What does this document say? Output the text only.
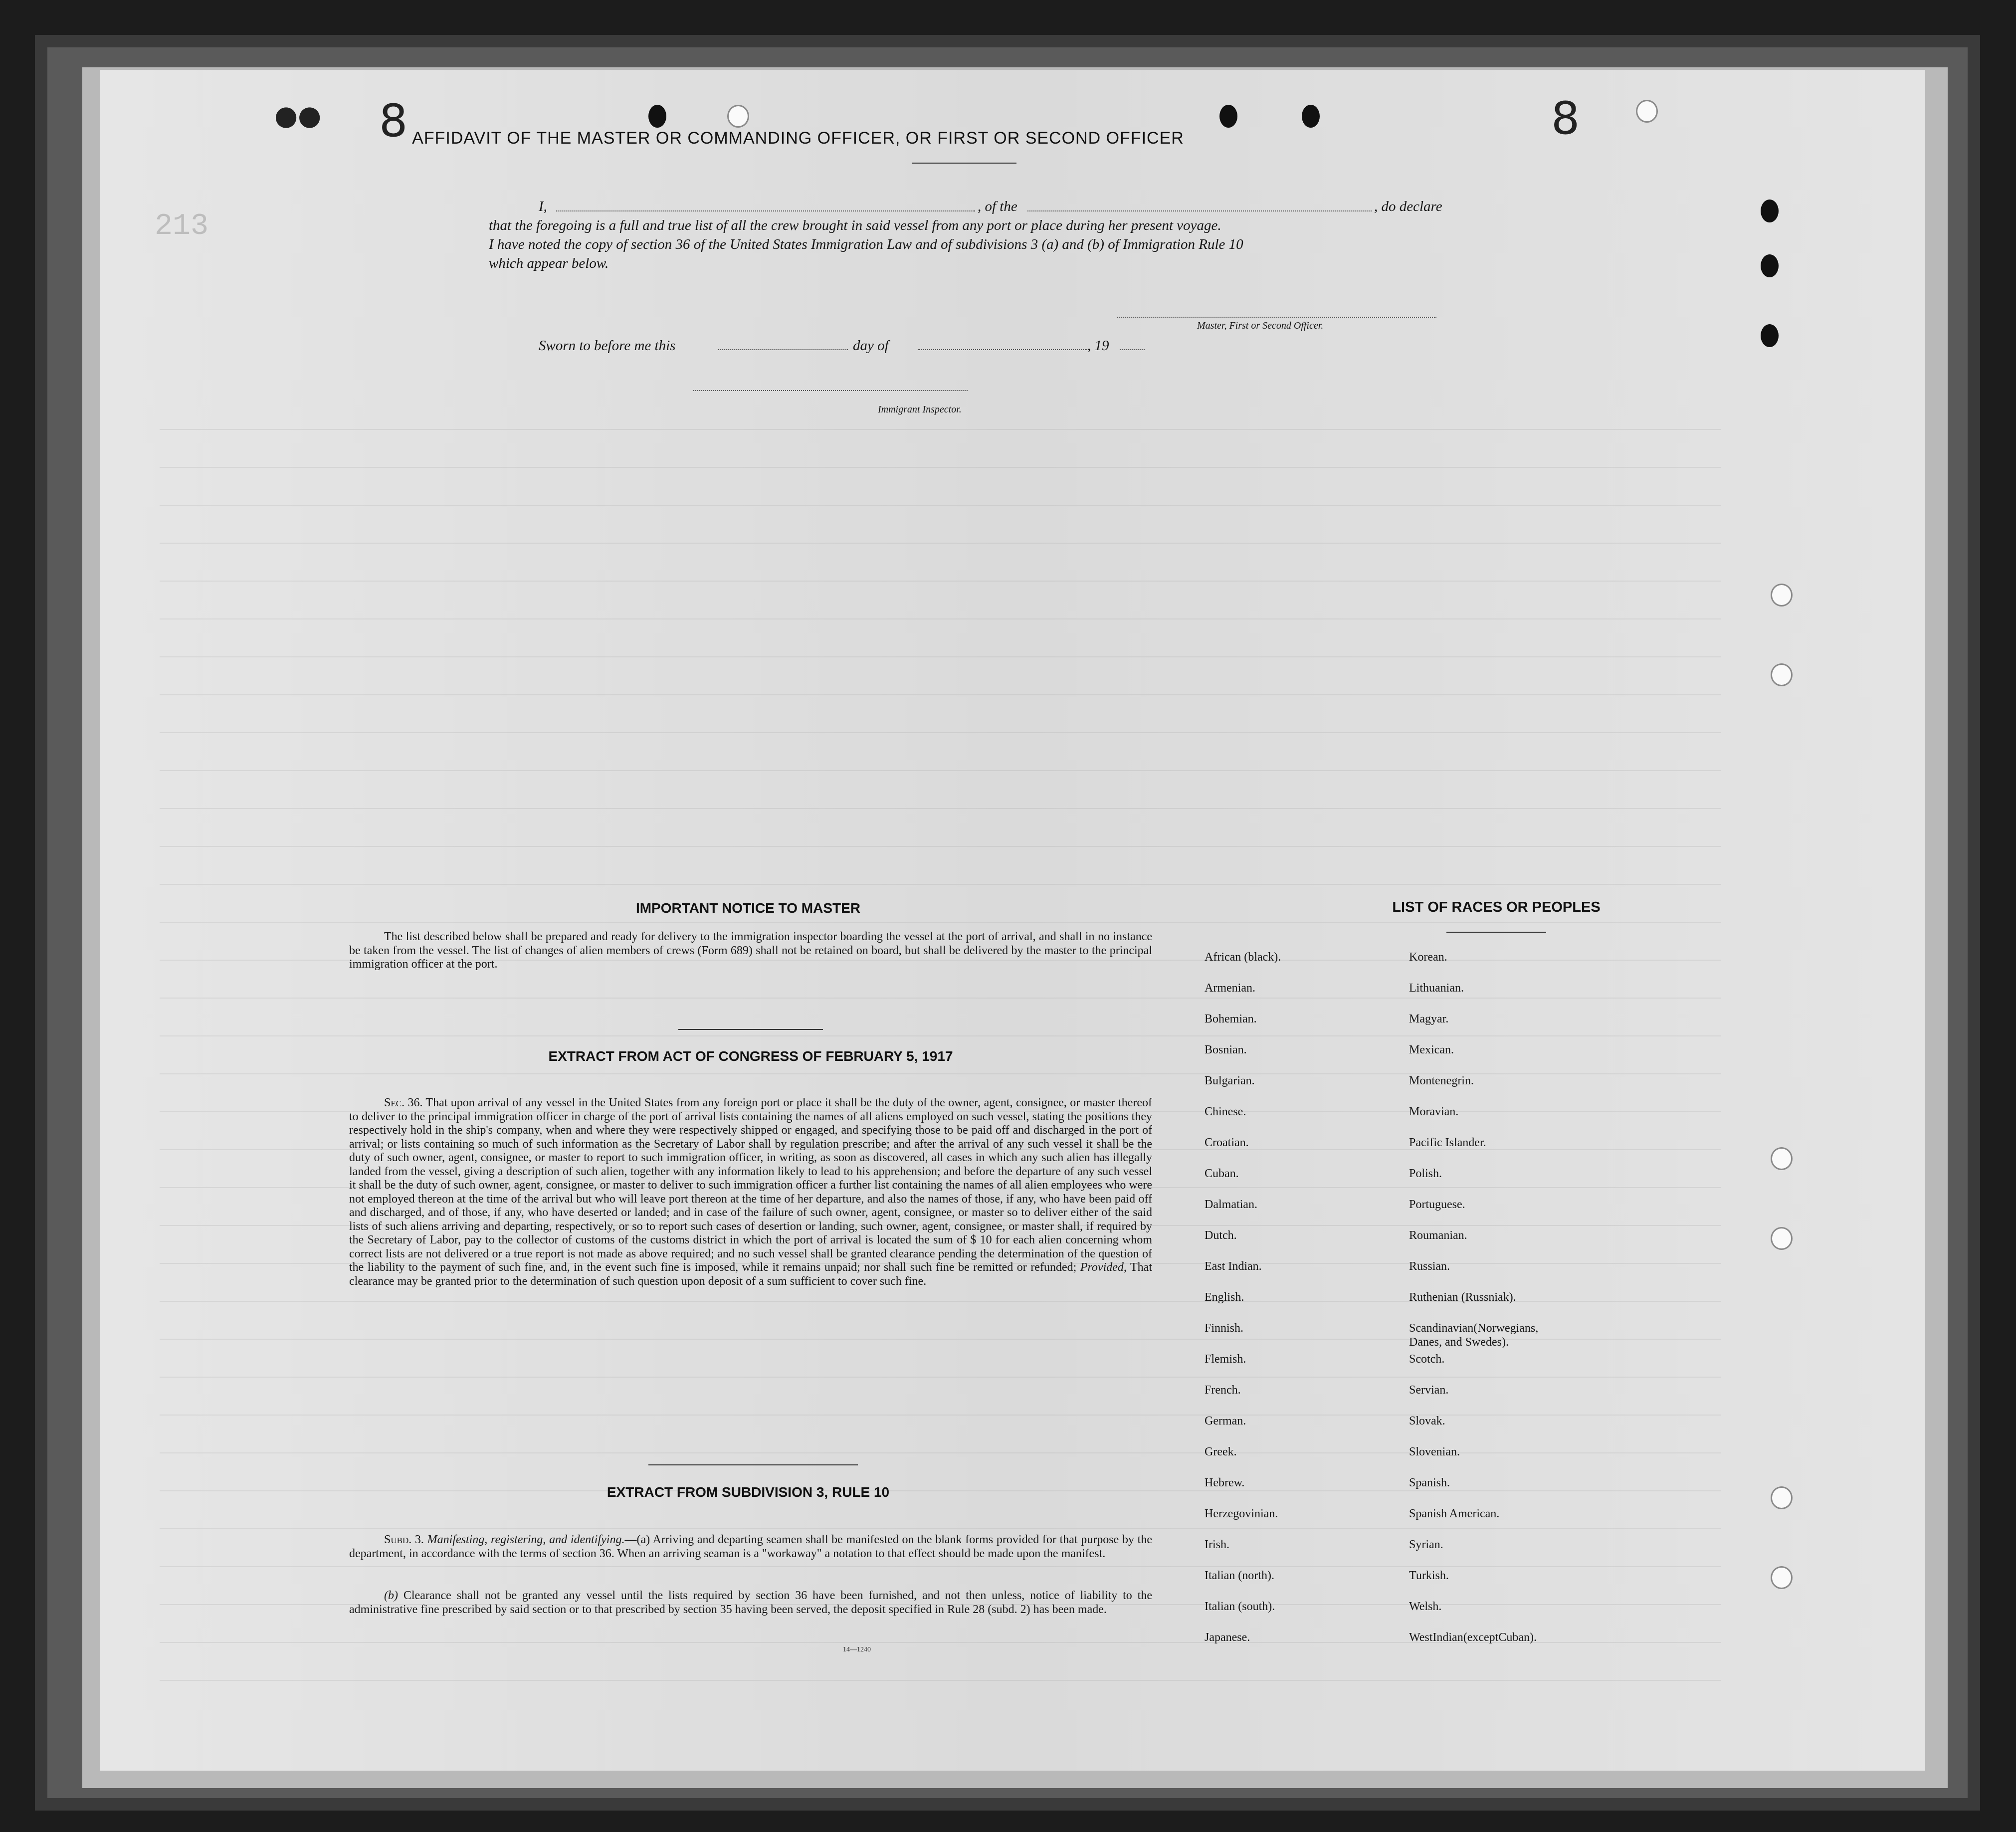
●● 8	8
213
AFFIDAVIT OF THE MASTER OR COMMANDING OFFICER, OR FIRST OR SECOND OFFICER
I,	, of the	, do declare
that the foregoing is a full and true list of all the crew brought in said vessel from any port or place during her present voyage.
I have noted the copy of section 36 of the United States Immigration Law and of subdivisions 3 (a) and (b) of Immigration Rule 10
which appear below.
Master, First or Second Officer.
Sworn to before me this	day of	, 19
Immigrant Inspector.
IMPORTANT NOTICE TO MASTER
The list described below shall be prepared and ready for delivery to the immigration inspector boarding the vessel at the port of arrival, and shall in no instance be taken from the vessel. The list of changes of alien members of crews (Form 689) shall not be retained on board, but shall be delivered by the master to the principal immigration officer at the port.
EXTRACT FROM ACT OF CONGRESS OF FEBRUARY 5, 1917
Sec. 36. That upon arrival of any vessel in the United States from any foreign port or place it shall be the duty of the owner, agent, consignee, or master thereof to deliver to the principal immigration officer in charge of the port of arrival lists containing the names of all aliens employed on such vessel, stating the positions they respectively hold in the ship's company, when and where they were respectively shipped or engaged, and specifying those to be paid off and discharged in the port of arrival; or lists containing so much of such information as the Secretary of Labor shall by regulation prescribe; and after the arrival of any such vessel it shall be the duty of such owner, agent, consignee, or master to report to such immigration officer, in writing, as soon as discovered, all cases in which any such alien has illegally landed from the vessel, giving a description of such alien, together with any information likely to lead to his apprehension; and before the departure of any such vessel it shall be the duty of such owner, agent, consignee, or master to deliver to such immigration officer a further list containing the names of all alien employees who were not employed thereon at the time of the arrival but who will leave port thereon at the time of her departure, and also the names of those, if any, who have been paid off and discharged, and of those, if any, who have deserted or landed; and in case of the failure of such owner, agent, consignee, or master so to deliver either of the said lists of such aliens arriving and departing, respectively, or so to report such cases of desertion or landing, such owner, agent, consignee, or master shall, if required by the Secretary of Labor, pay to the collector of customs of the customs district in which the port of arrival is located the sum of $ 10 for each alien concerning whom correct lists are not delivered or a true report is not made as above required; and no such vessel shall be granted clearance pending the determination of the question of the liability to the payment of such fine, and, in the event such fine is imposed, while it remains unpaid; nor shall such fine be remitted or refunded; Provided, That clearance may be granted prior to the determination of such question upon deposit of a sum sufficient to cover such fine.
EXTRACT FROM SUBDIVISION 3, RULE 10
Subd. 3. Manifesting, registering, and identifying.—(a) Arriving and departing seamen shall be manifested on the blank forms provided for that purpose by the department, in accordance with the terms of section 36. When an arriving seaman is a "workaway" a notation to that effect should be made upon the manifest.
(b) Clearance shall not be granted any vessel until the lists required by section 36 have been furnished, and not then unless, notice of liability to the administrative fine prescribed by said section or to that prescribed by section 35 having been served, the deposit specified in Rule 28 (subd. 2) has been made.
14—1240
LIST OF RACES OR PEOPLES
African (black).
Armenian.
Bohemian.
Bosnian.
Bulgarian.
Chinese.
Croatian.
Cuban.
Dalmatian.
Dutch.
East Indian.
English.
Finnish.
Flemish.
French.
German.
Greek.
Hebrew.
Herzegovinian.
Irish.
Italian (north).
Italian (south).
Japanese.
Korean.
Lithuanian.
Magyar.
Mexican.
Montenegrin.
Moravian.
Pacific Islander.
Polish.
Portuguese.
Roumanian.
Russian.
Ruthenian (Russniak).
Scandinavian(Norwegians,
Danes, and Swedes).
Scotch.
Servian.
Slovak.
Slovenian.
Spanish.
Spanish American.
Syrian.
Turkish.
Welsh.
WestIndian(exceptCuban).
